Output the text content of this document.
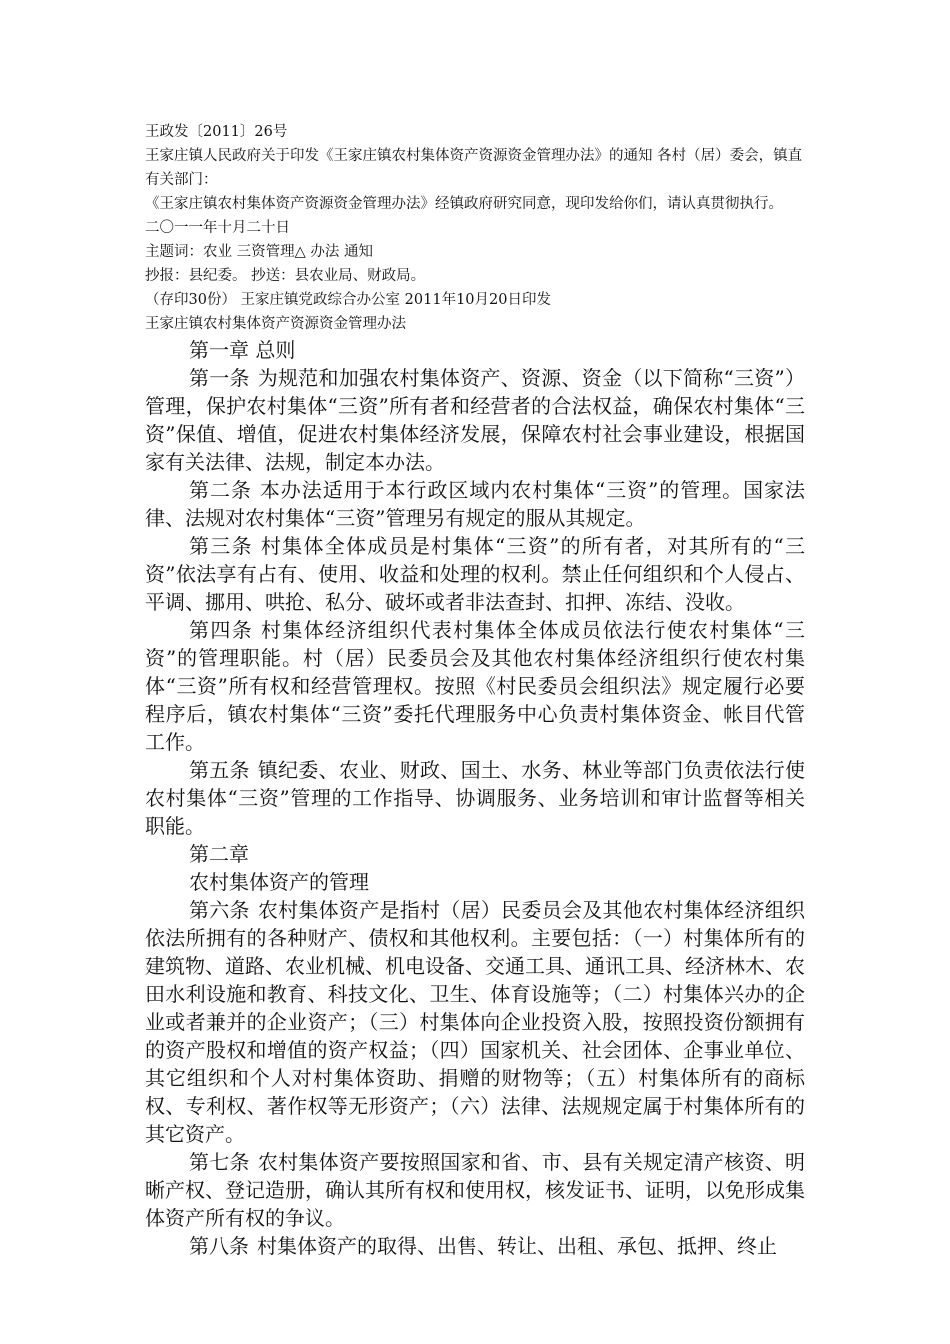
王政发〔2011〕26号

王家庄镇人民政府关于印发《王家庄镇农村集体资产资源资金管理办法》的通知 各村（居）委会，镇直有关部门：

《王家庄镇农村集体资产资源资金管理办法》经镇政府研究同意，现印发给你们，请认真贯彻执行。

二〇一一年十月二十日

主题词：农业 三资管理△ 办法 通知

抄报：县纪委。 抄送：县农业局、财政局。

（存印30份） 王家庄镇党政综合办公室 2011年10月20日印发

王家庄镇农村集体资产资源资金管理办法

第一章 总则

第一条 为规范和加强农村集体资产、资源、资金（以下简称“三资”）管理，保护农村集体“三资”所有者和经营者的合法权益，确保农村集体“三资”保值、增值，促进农村集体经济发展，保障农村社会事业建设，根据国家有关法律、法规，制定本办法。

第二条 本办法适用于本行政区域内农村集体“三资”的管理。国家法律、法规对农村集体“三资”管理另有规定的服从其规定。

第三条 村集体全体成员是村集体“三资”的所有者，对其所有的“三资”依法享有占有、使用、收益和处理的权利。禁止任何组织和个人侵占、平调、挪用、哄抢、私分、破坏或者非法查封、扣押、冻结、没收。

第四条 村集体经济组织代表村集体全体成员依法行使农村集体“三资”的管理职能。村（居）民委员会及其他农村集体经济组织行使农村集体“三资”所有权和经营管理权。按照《村民委员会组织法》规定履行必要程序后，镇农村集体“三资”委托代理服务中心负责村集体资金、帐目代管工作。

第五条 镇纪委、农业、财政、国土、水务、林业等部门负责依法行使农村集体“三资”管理的工作指导、协调服务、业务培训和审计监督等相关职能。

第二章

农村集体资产的管理

第六条 农村集体资产是指村（居）民委员会及其他农村集体经济组织依法所拥有的各种财产、债权和其他权利。主要包括：（一）村集体所有的建筑物、道路、农业机械、机电设备、交通工具、通讯工具、经济林木、农田水利设施和教育、科技文化、卫生、体育设施等；（二）村集体兴办的企业或者兼并的企业资产；（三）村集体向企业投资入股，按照投资份额拥有的资产股权和增值的资产权益；（四）国家机关、社会团体、企事业单位、其它组织和个人对村集体资助、捐赠的财物等；（五）村集体所有的商标权、专利权、著作权等无形资产；（六）法律、法规规定属于村集体所有的其它资产。

第七条 农村集体资产要按照国家和省、市、县有关规定清产核资、明晰产权、登记造册，确认其所有权和使用权，核发证书、证明，以免形成集体资产所有权的争议。

第八条 村集体资产的取得、出售、转让、出租、承包、抵押、终止
